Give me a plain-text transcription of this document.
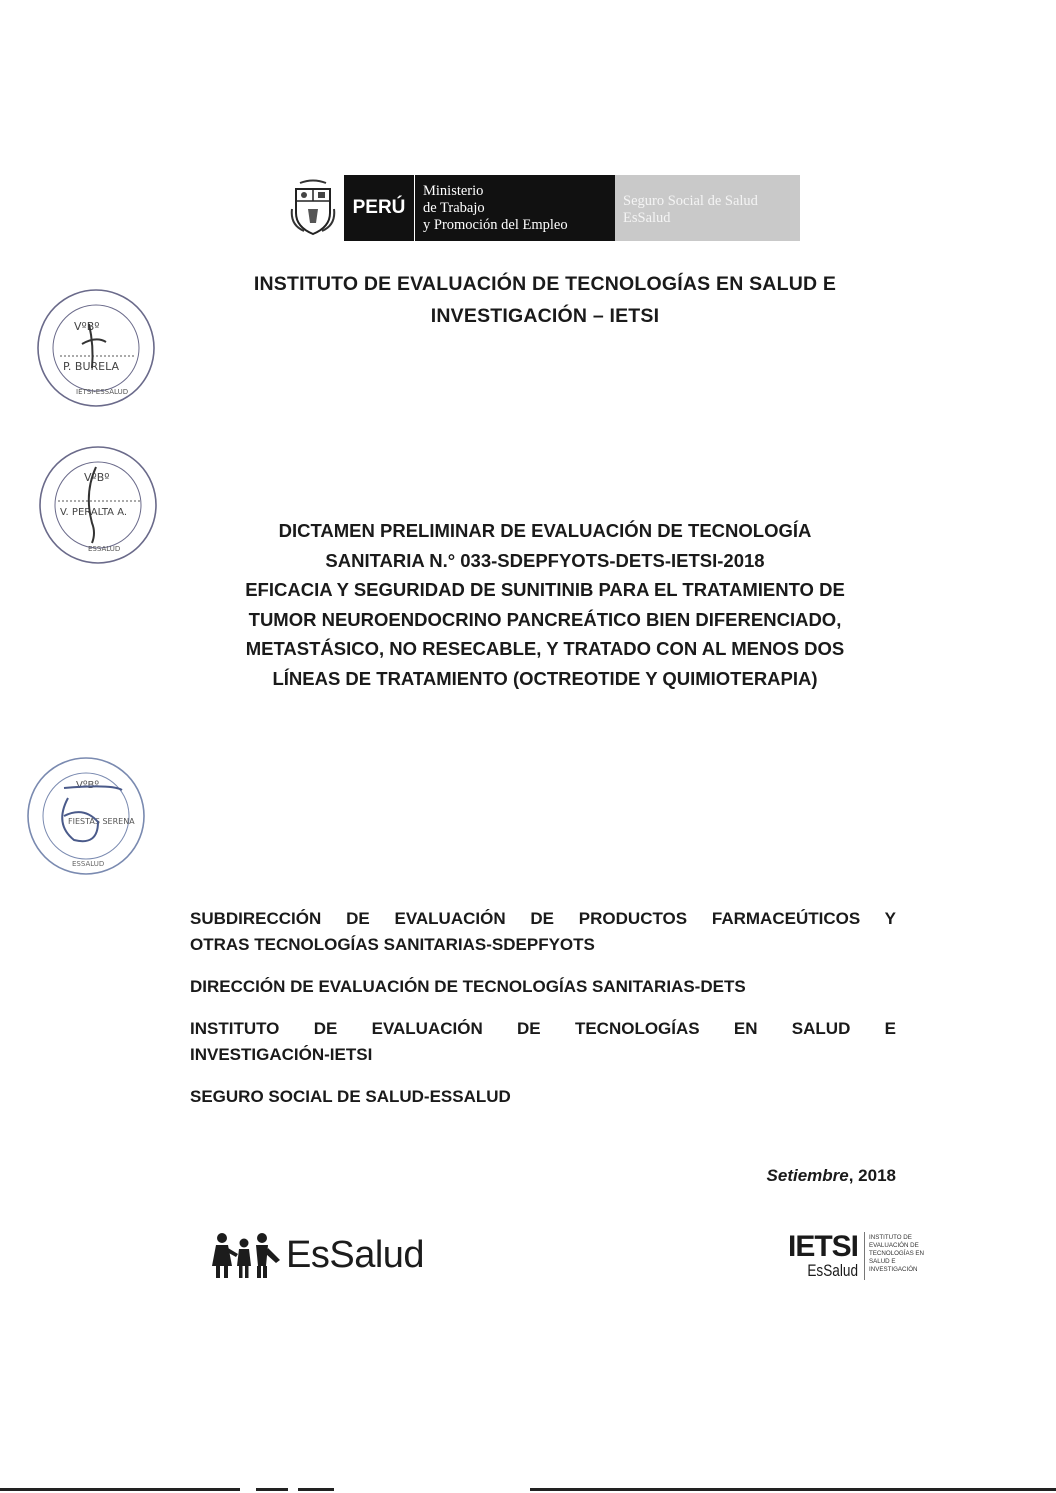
PERÚ
Ministerio
de Trabajo
y Promoción del Empleo
Seguro Social de Salud
EsSalud
INSTITUTO DE EVALUACIÓN DE TECNOLOGÍAS EN SALUD E
INVESTIGACIÓN – IETSI
VºBº
P. BURELA
IETSI-ESSALUD
VºBº
V. PERALTA A.
ESSALUD
VºBº
FIESTAS SERENA
ESSALUD
DICTAMEN PRELIMINAR DE EVALUACIÓN DE TECNOLOGÍA
SANITARIA N.° 033-SDEPFYOTS-DETS-IETSI-2018
EFICACIA Y SEGURIDAD DE SUNITINIB PARA EL TRATAMIENTO DE
TUMOR NEUROENDOCRINO PANCREÁTICO BIEN DIFERENCIADO,
METASTÁSICO, NO RESECABLE, Y TRATADO CON AL MENOS DOS
LÍNEAS DE TRATAMIENTO (OCTREOTIDE Y QUIMIOTERAPIA)
SUBDIRECCIÓN DE EVALUACIÓN DE PRODUCTOS FARMACEÚTICOS Y
OTRAS TECNOLOGÍAS SANITARIAS-SDEPFYOTS
DIRECCIÓN DE EVALUACIÓN DE TECNOLOGÍAS SANITARIAS-DETS
INSTITUTO DE EVALUACIÓN DE TECNOLOGÍAS EN SALUD E
INVESTIGACIÓN-IETSI
SEGURO SOCIAL DE SALUD-ESSALUD
Setiembre, 2018
EsSalud	IETSI
EsSalud
INSTITUTO DE
EVALUACIÓN DE
TECNOLOGÍAS EN
SALUD E
INVESTIGACIÓN
